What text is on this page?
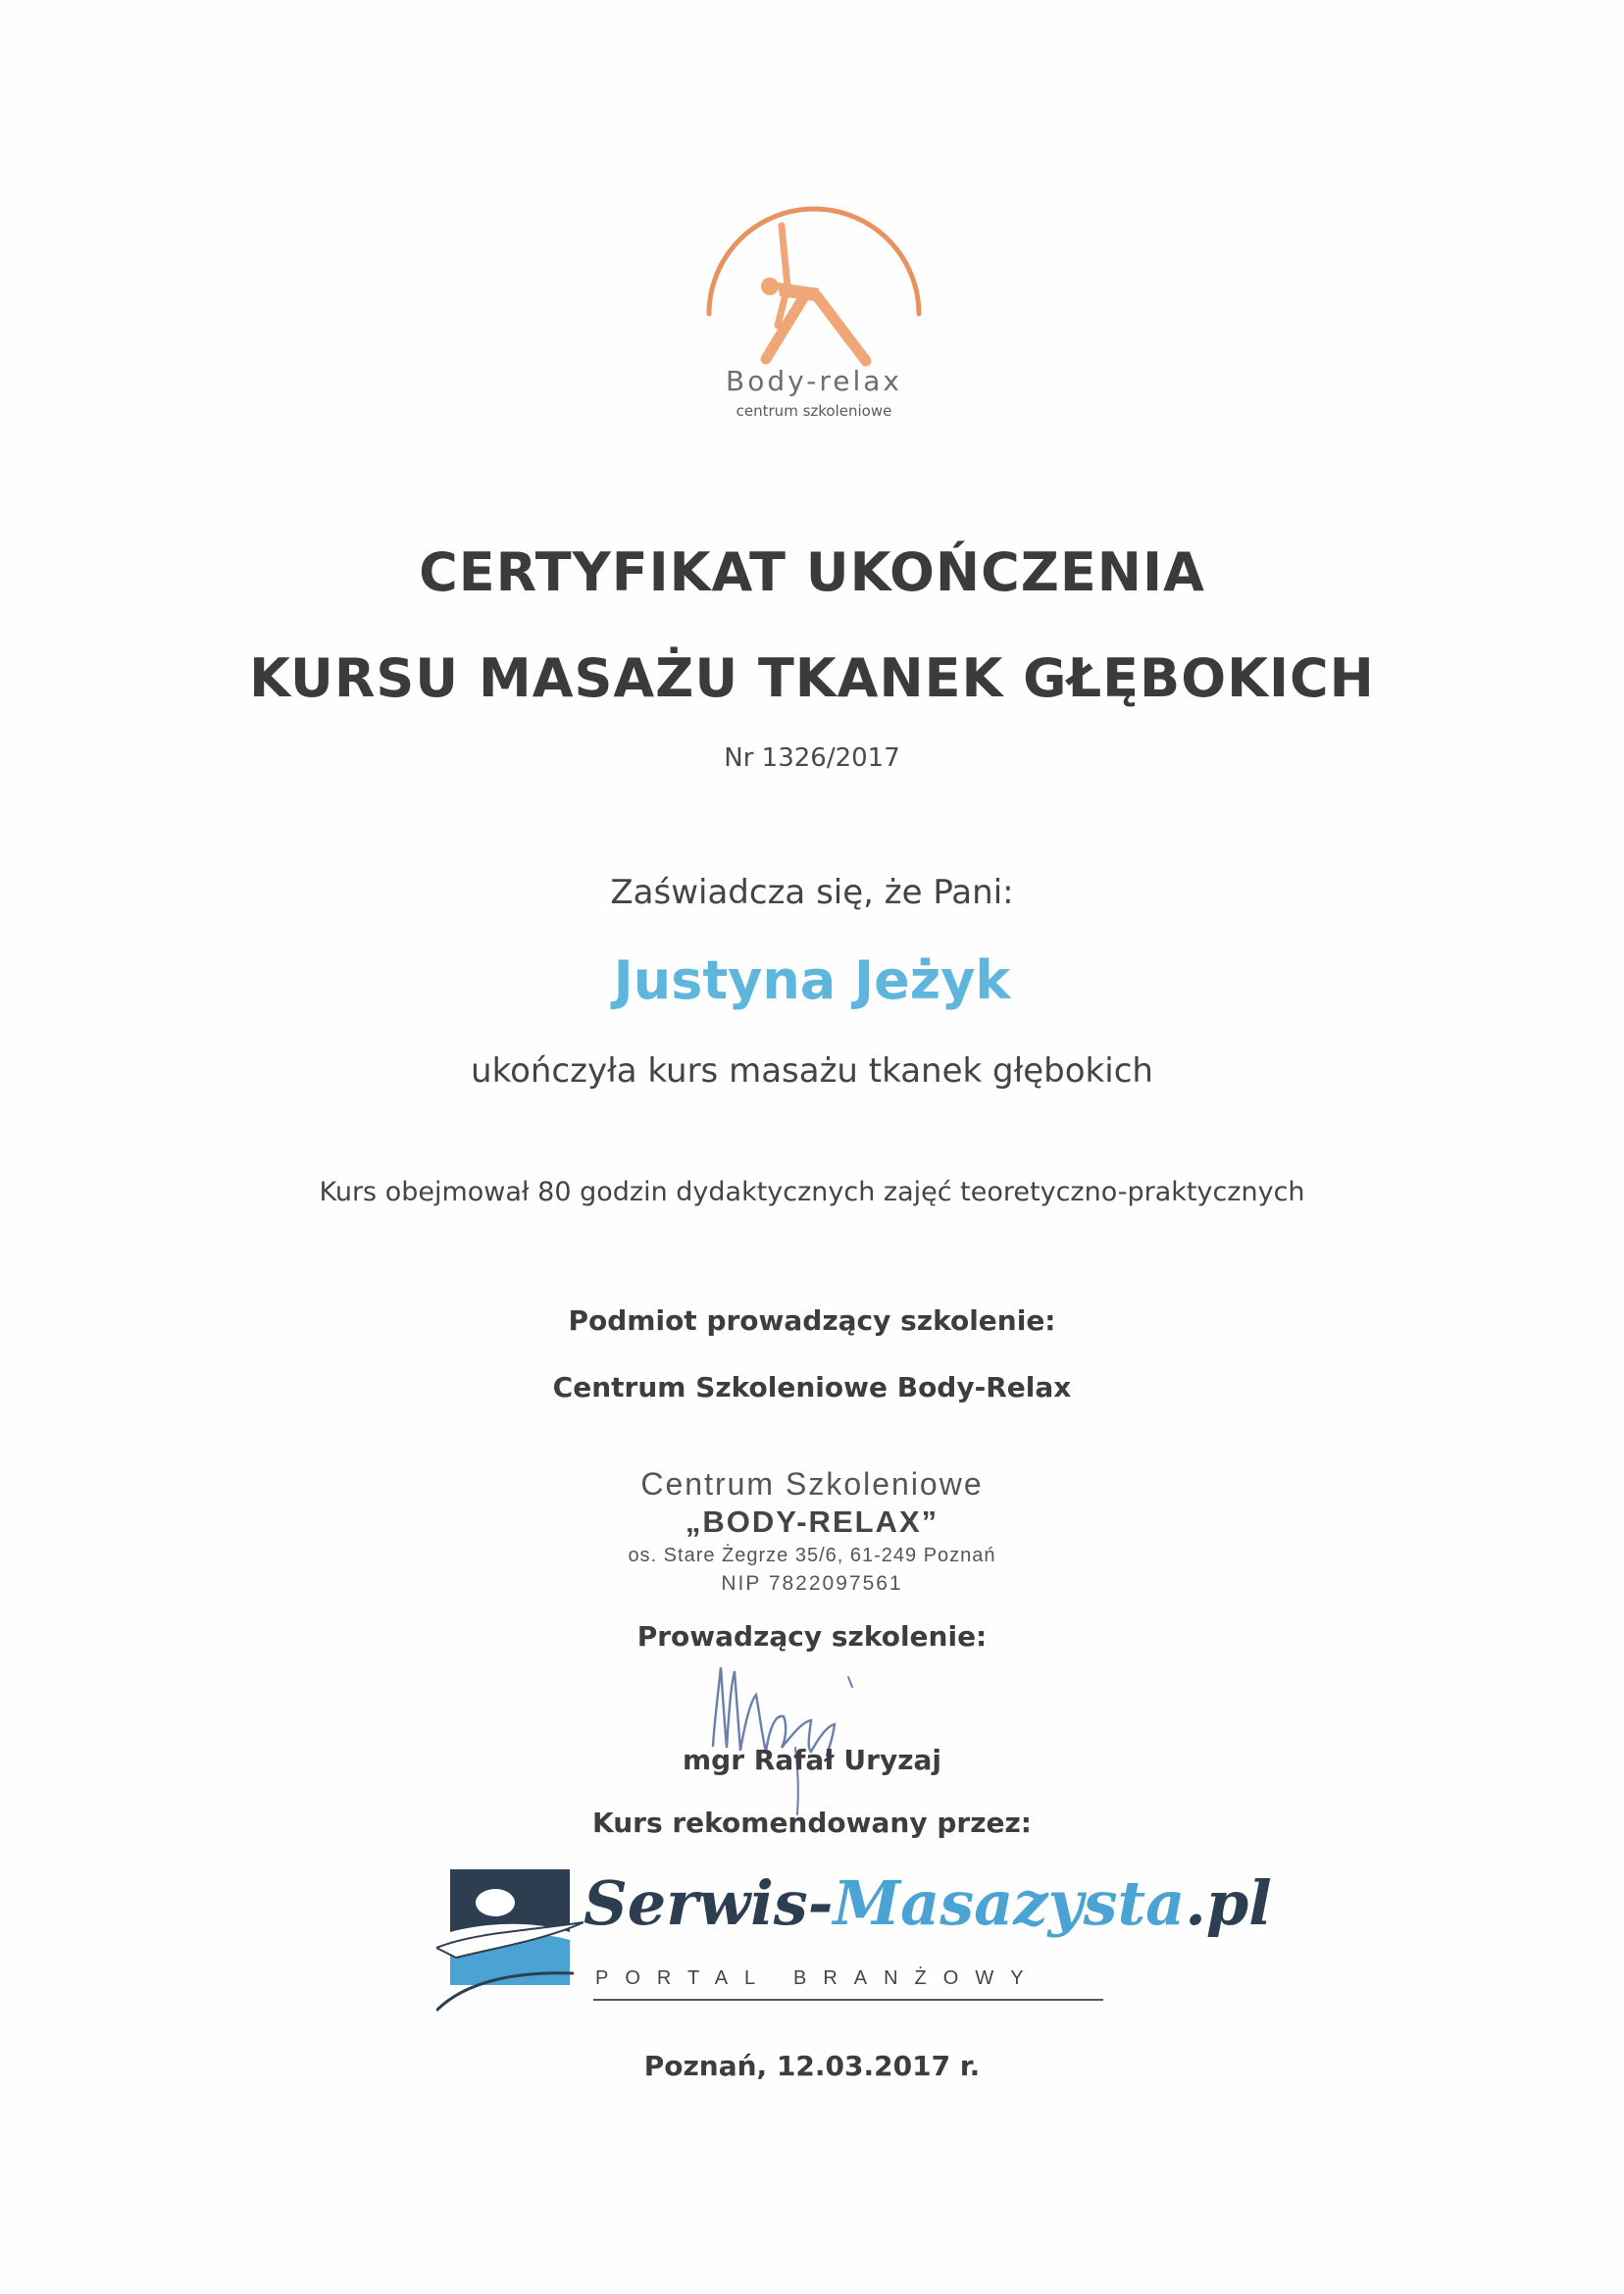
Body-relax
centrum szkoleniowe
CERTYFIKAT UKOŃCZENIA
KURSU MASAŻU TKANEK GŁĘBOKICH
Nr 1326/2017
Zaświadcza się, że Pani:
Justyna Jeżyk
ukończyła kurs masażu tkanek głębokich
Kurs obejmował 80 godzin dydaktycznych zajęć teoretyczno-praktycznych
Podmiot prowadzący szkolenie:
Centrum Szkoleniowe Body-Relax
Centrum Szkoleniowe
„BODY-RELAX”
os. Stare Żegrze 35/6, 61-249 Poznań
NIP 7822097561
Prowadzący szkolenie:
mgr Rafał Uryzaj
Kurs rekomendowany przez:
Serwis-Masazysta.pl
PORTAL BRANŻOWY
Poznań, 12.03.2017 r.
